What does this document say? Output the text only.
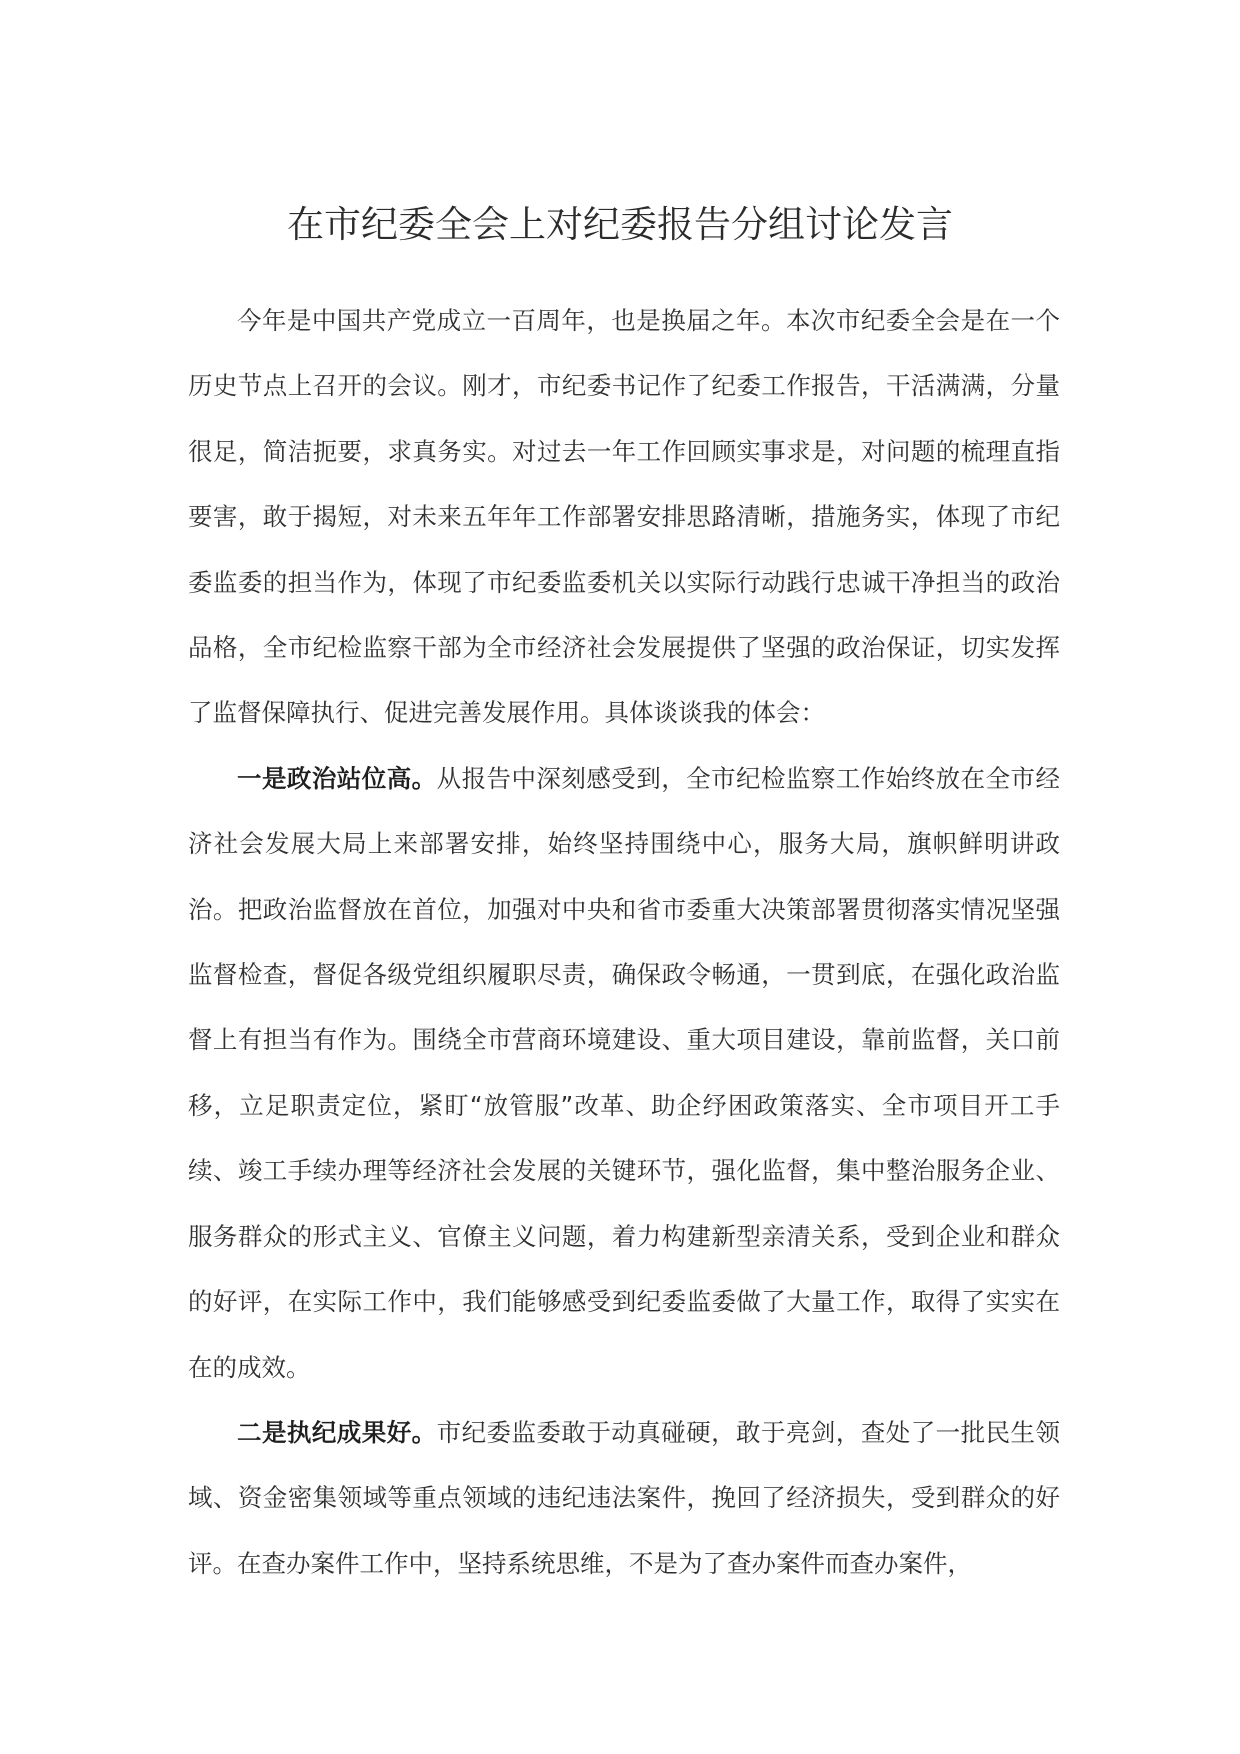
在市纪委全会上对纪委报告分组讨论发言

今年是中国共产党成立一百周年，也是换届之年。本次市纪委全会是在一个历史节点上召开的会议。刚才，市纪委书记作了纪委工作报告，干活满满，分量很足，简洁扼要，求真务实。对过去一年工作回顾实事求是，对问题的梳理直指要害，敢于揭短，对未来五年年工作部署安排思路清晰，措施务实，体现了市纪委监委的担当作为，体现了市纪委监委机关以实际行动践行忠诚干净担当的政治品格，全市纪检监察干部为全市经济社会发展提供了坚强的政治保证，切实发挥了监督保障执行、促进完善发展作用。具体谈谈我的体会：

一是政治站位高。从报告中深刻感受到，全市纪检监察工作始终放在全市经济社会发展大局上来部署安排，始终坚持围绕中心，服务大局，旗帜鲜明讲政治。把政治监督放在首位，加强对中央和省市委重大决策部署贯彻落实情况坚强监督检查，督促各级党组织履职尽责，确保政令畅通，一贯到底，在强化政治监督上有担当有作为。围绕全市营商环境建设、重大项目建设，靠前监督，关口前移，立足职责定位，紧盯“放管服”改革、助企纾困政策落实、全市项目开工手续、竣工手续办理等经济社会发展的关键环节，强化监督，集中整治服务企业、服务群众的形式主义、官僚主义问题，着力构建新型亲清关系，受到企业和群众的好评，在实际工作中，我们能够感受到纪委监委做了大量工作，取得了实实在在的成效。

二是执纪成果好。市纪委监委敢于动真碰硬，敢于亮剑，查处了一批民生领域、资金密集领域等重点领域的违纪违法案件，挽回了经济损失，受到群众的好评。在查办案件工作中，坚持系统思维，不是为了查办案件而查办案件，
